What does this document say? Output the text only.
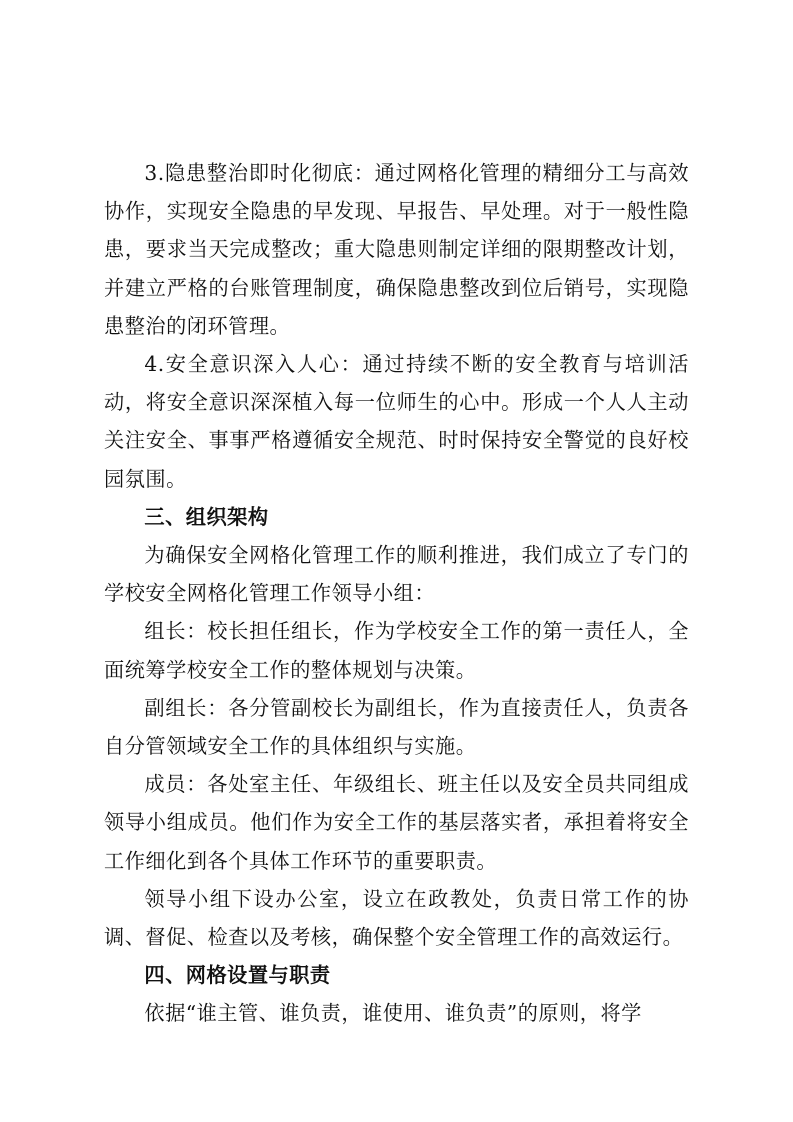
3.隐患整治即时化彻底：通过网格化管理的精细分工与高效协作，实现安全隐患的早发现、早报告、早处理。对于一般性隐患，要求当天完成整改；重大隐患则制定详细的限期整改计划，并建立严格的台账管理制度，确保隐患整改到位后销号，实现隐患整治的闭环管理。

4.安全意识深入人心：通过持续不断的安全教育与培训活动，将安全意识深深植入每一位师生的心中。形成一个人人主动关注安全、事事严格遵循安全规范、时时保持安全警觉的良好校园氛围。

三、组织架构

为确保安全网格化管理工作的顺利推进，我们成立了专门的学校安全网格化管理工作领导小组：

组长：校长担任组长，作为学校安全工作的第一责任人，全面统筹学校安全工作的整体规划与决策。

副组长：各分管副校长为副组长，作为直接责任人，负责各自分管领域安全工作的具体组织与实施。

成员：各处室主任、年级组长、班主任以及安全员共同组成领导小组成员。他们作为安全工作的基层落实者，承担着将安全工作细化到各个具体工作环节的重要职责。

领导小组下设办公室，设立在政教处，负责日常工作的协调、督促、检查以及考核，确保整个安全管理工作的高效运行。

四、网格设置与职责

依据“谁主管、谁负责，谁使用、谁负责”的原则，将学
